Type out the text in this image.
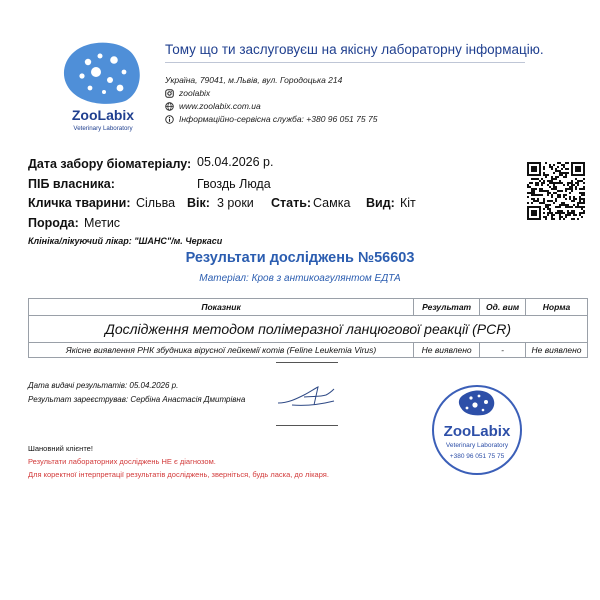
ZooLabix
Veterinary Laboratory
Тому що ти заслуговуєш на якісну лабораторну інформацію.
Україна, 79041, м.Львів, вул. Городоцька 214
zoolabix
www.zoolabix.com.ua
Інформаційно-сервісна служба: +380 96 051 75 75
Дата забору біоматеріалу: 05.04.2026 р.
ПІБ власника:	Гвоздь Люда
Кличка тварини: Сільва Вік: 3 роки Стать: Самка Вид: Кіт
Порода: Метис
Клініка/лікуючий лікар: "ШАНС"/м. Черкаси
Результати досліджень №56603
Матеріал: Кров з антикоагулянтом ЕДТА
Показник	Результат	Од. вим	Норма
Дослідження методом полімеразної ланцюгової реакції (PCR)			
Якісне виявлення РНК збудника вірусної лейкемії котів (Feline Leukemia Virus)	Не виявлено	-	Не виявлено
Дата видачі результатів: 05.04.2026 р.
Результат зареєстрував: Сербіна Анастасія Дмитрівна
Шановний клієнте!
Результати лабораторних досліджень НЕ є діагнозом.
Для коректної інтерпретації результатів досліджень, зверніться, будь ласка, до лікаря.
ZooLabix
Veterinary Laboratory
+380 96 051 75 75
